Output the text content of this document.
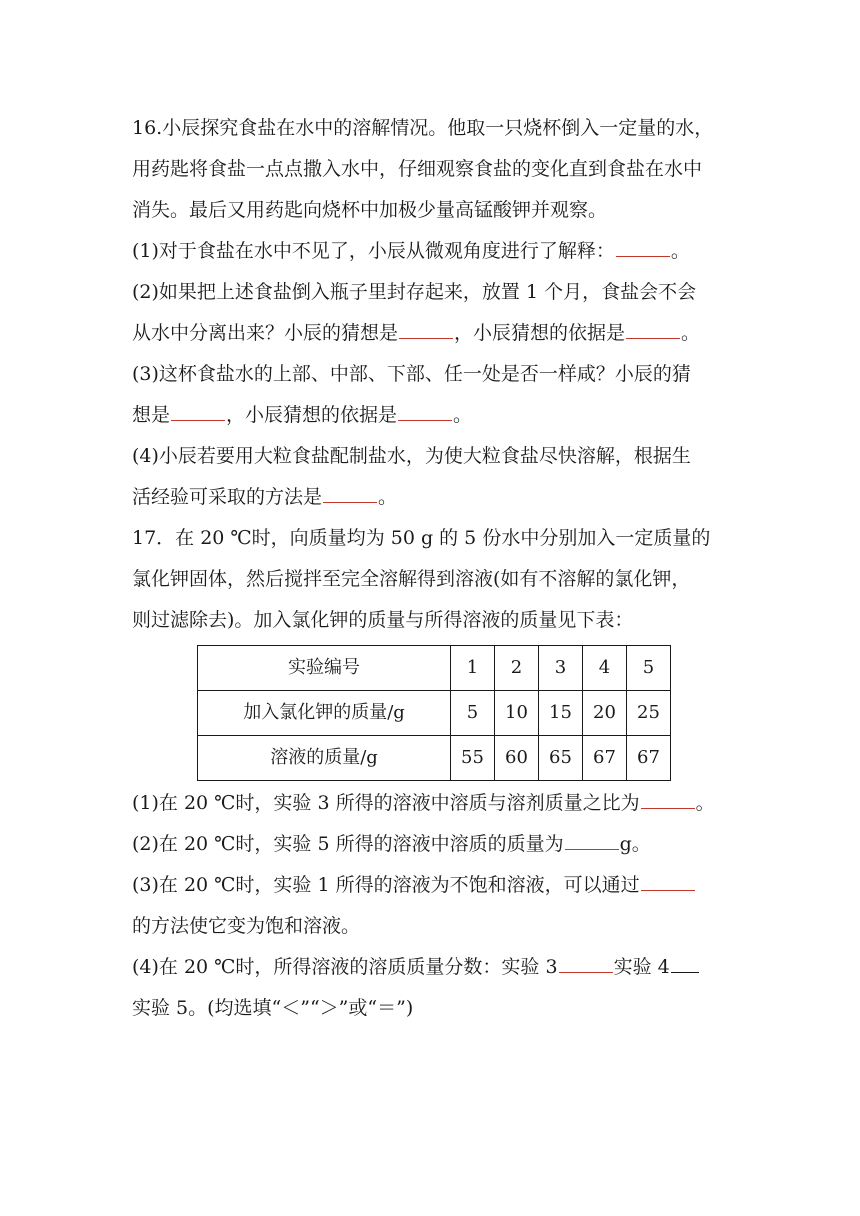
16.小辰探究食盐在水中的溶解情况。他取一只烧杯倒入一定量的水，
用药匙将食盐一点点撒入水中，仔细观察食盐的变化直到食盐在水中
消失。最后又用药匙向烧杯中加极少量高锰酸钾并观察。
(1)对于食盐在水中不见了，小辰从微观角度进行了解释：	。
(2)如果把上述食盐倒入瓶子里封存起来，放置 1 个月，食盐会不会
从水中分离出来？小辰的猜想是	，小辰猜想的依据是	。
(3)这杯食盐水的上部、中部、下部、任一处是否一样咸？小辰的猜
想是	，小辰猜想的依据是	。
(4)小辰若要用大粒食盐配制盐水，为使大粒食盐尽快溶解，根据生
活经验可采取的方法是	。
17．在 20 ℃时，向质量均为 50 g 的 5 份水中分别加入一定质量的
氯化钾固体，然后搅拌至完全溶解得到溶液(如有不溶解的氯化钾，
则过滤除去)。加入氯化钾的质量与所得溶液的质量见下表：
实验编号	1	2	3	4	5
加入氯化钾的质量/g	5	10	15	20	25
溶液的质量/g	55	60	65	67	67
(1)在 20 ℃时，实验 3 所得的溶液中溶质与溶剂质量之比为	。
(2)在 20 ℃时，实验 5 所得的溶液中溶质的质量为	g。
(3)在 20 ℃时，实验 1 所得的溶液为不饱和溶液，可以通过
的方法使它变为饱和溶液。
(4)在 20 ℃时，所得溶液的溶质质量分数：实验 3	实验 4
实验 5。(均选填“＜”“＞”或“＝”)
